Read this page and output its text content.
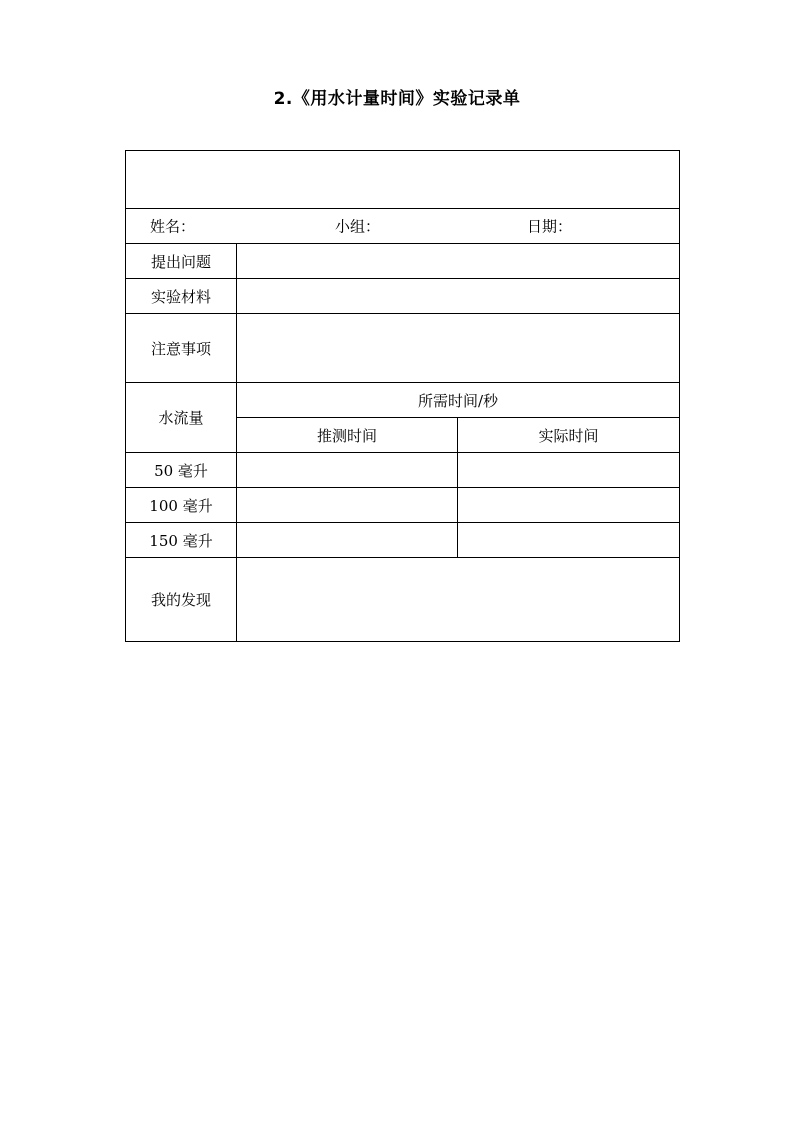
2.《用水计量时间》实验记录单

姓名： 小组： 日期：		

提出问题		
实验材料		
注意事项		
水流量	所需时间/秒	
	推测时间	实际时间
50 毫升		
100 毫升		
150 毫升		
我的发现		
